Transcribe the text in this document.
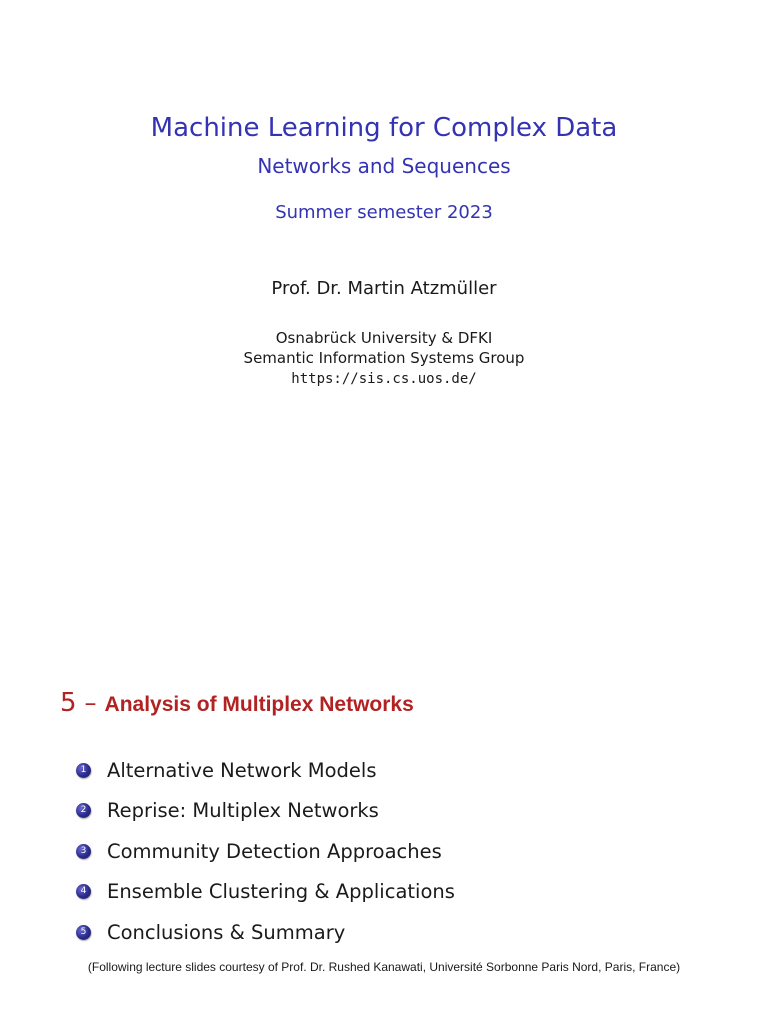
Machine Learning for Complex Data
Networks and Sequences
Summer semester 2023
Prof. Dr. Martin Atzmüller
Osnabrück University & DFKI
Semantic Information Systems Group
https://sis.cs.uos.de/
5 – Analysis of Multiplex Networks
1 Alternative Network Models
2 Reprise: Multiplex Networks
3 Community Detection Approaches
4 Ensemble Clustering & Applications
5 Conclusions & Summary
(Following lecture slides courtesy of Prof. Dr. Rushed Kanawati, Université Sorbonne Paris Nord, Paris, France)
